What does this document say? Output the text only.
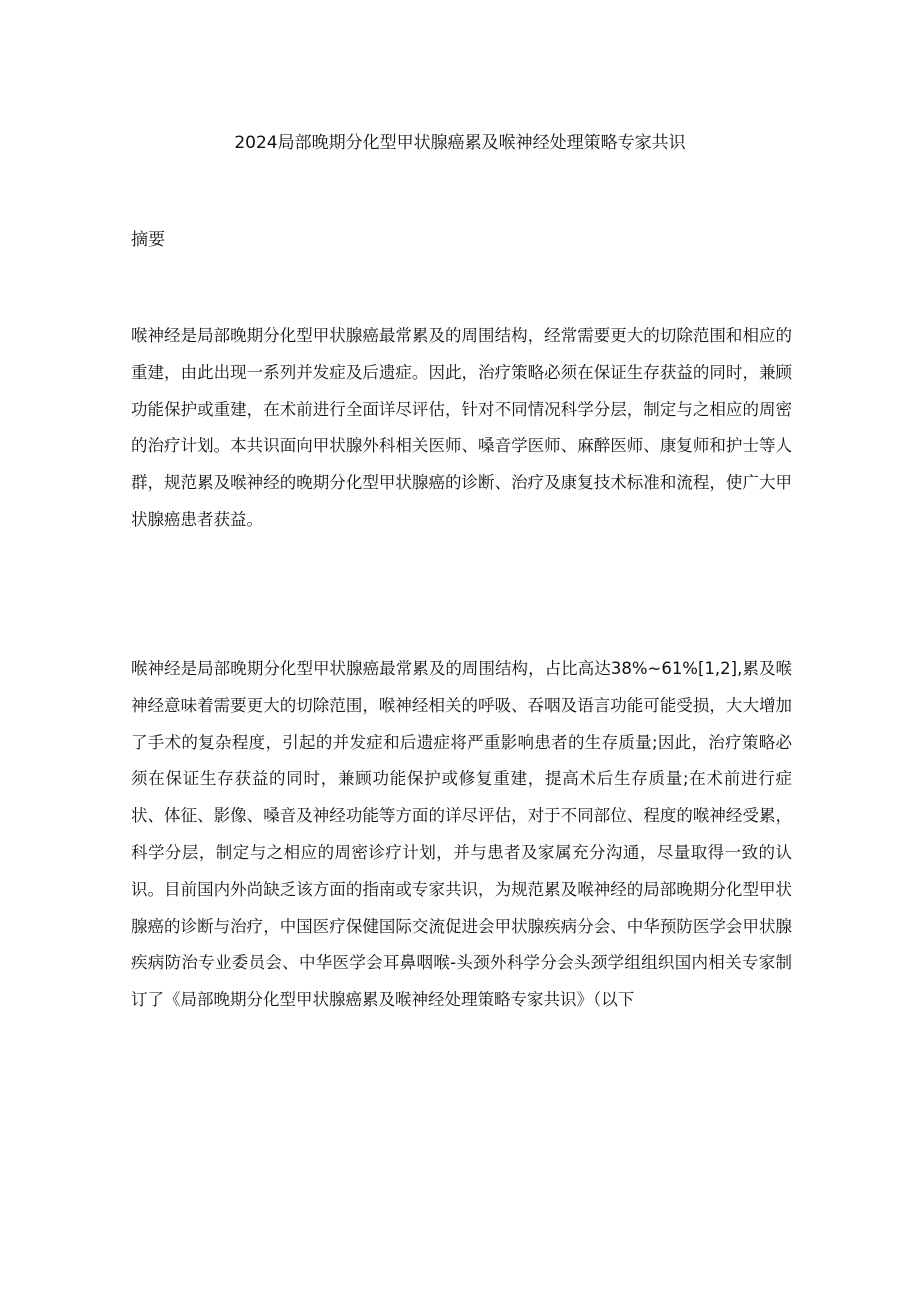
2024局部晚期分化型甲状腺癌累及喉神经处理策略专家共识
摘要

喉神经是局部晚期分化型甲状腺癌最常累及的周围结构，经常需要更大的切除范围和相应的重建，由此出现一系列并发症及后遗症。因此，治疗策略必须在保证生存获益的同时，兼顾功能保护或重建，在术前进行全面详尽评估，针对不同情况科学分层，制定与之相应的周密的治疗计划。本共识面向甲状腺外科相关医师、嗓音学医师、麻醉医师、康复师和护士等人群，规范累及喉神经的晚期分化型甲状腺癌的诊断、治疗及康复技术标准和流程，使广大甲状腺癌患者获益。

喉神经是局部晚期分化型甲状腺癌最常累及的周围结构，占比高达38%~61%[1,2],累及喉神经意味着需要更大的切除范围，喉神经相关的呼吸、吞咽及语言功能可能受损，大大增加了手术的复杂程度，引起的并发症和后遗症将严重影响患者的生存质量;因此，治疗策略必须在保证生存获益的同时，兼顾功能保护或修复重建，提高术后生存质量;在术前进行症状、体征、影像、嗓音及神经功能等方面的详尽评估，对于不同部位、程度的喉神经受累，科学分层，制定与之相应的周密诊疗计划，并与患者及家属充分沟通，尽量取得一致的认识。目前国内外尚缺乏该方面的指南或专家共识，为规范累及喉神经的局部晚期分化型甲状腺癌的诊断与治疗，中国医疗保健国际交流促进会甲状腺疾病分会、中华预防医学会甲状腺疾病防治专业委员会、中华医学会耳鼻咽喉-头颈外科学分会头颈学组组织国内相关专家制订了《局部晚期分化型甲状腺癌累及喉神经处理策略专家共识》（以下
